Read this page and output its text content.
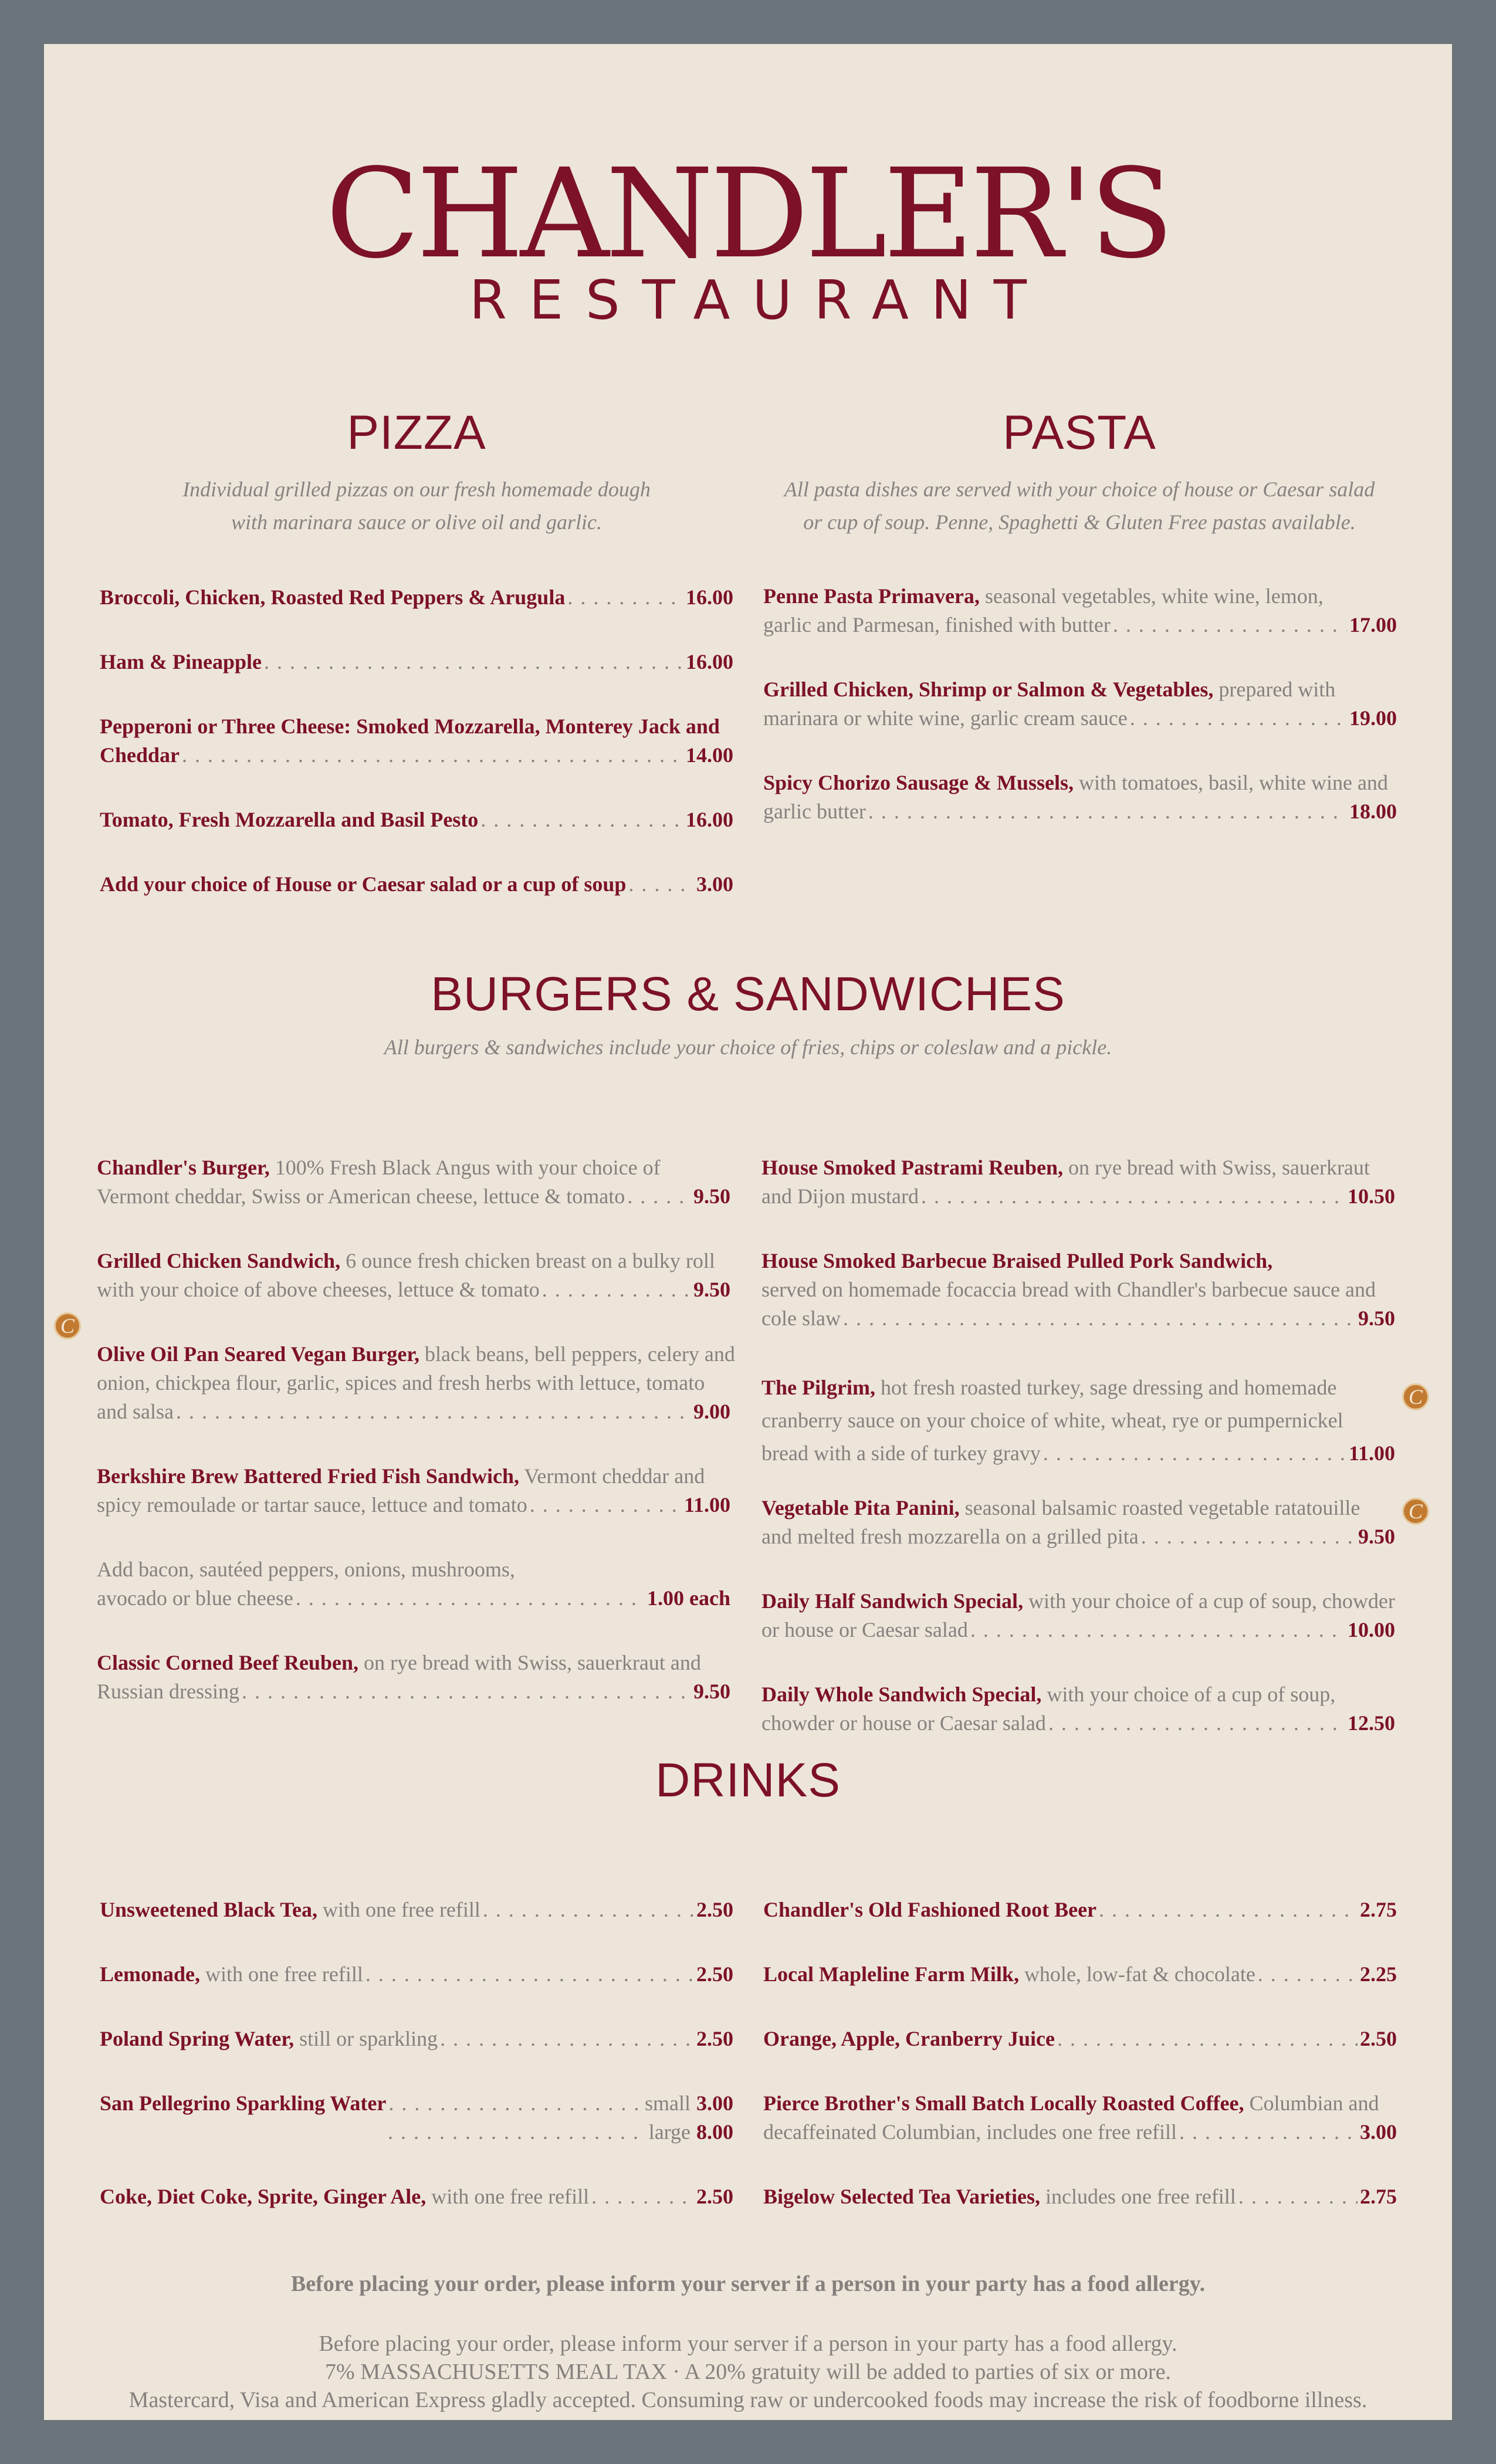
CHANDLER'S
RESTAURANT
PIZZA
Individual grilled pizzas on our fresh homemade dough
with marinara sauce or olive oil and garlic.
Broccoli, Chicken, Roasted Red Peppers & Arugula . . .	16.00
Ham & Pineapple . . .	16.00
Pepperoni or Three Cheese: Smoked Mozzarella, Monterey Jack and
Cheddar . . .	14.00
Tomato, Fresh Mozzarella and Basil Pesto . . .	16.00
Add your choice of House or Caesar salad or a cup of soup . . .	3.00
PASTA
All pasta dishes are served with your choice of house or Caesar salad
or cup of soup. Penne, Spaghetti & Gluten Free pastas available.
Penne Pasta Primavera, seasonal vegetables, white wine, lemon,
garlic and Parmesan, finished with butter . . .	17.00
Grilled Chicken, Shrimp or Salmon & Vegetables, prepared with
marinara or white wine, garlic cream sauce . . .	19.00
Spicy Chorizo Sausage & Mussels, with tomatoes, basil, white wine and
garlic butter . . .	18.00
BURGERS & SANDWICHES
All burgers & sandwiches include your choice of fries, chips or coleslaw and a pickle.
Chandler's Burger, 100% Fresh Black Angus with your choice of
Vermont cheddar, Swiss or American cheese, lettuce & tomato . . .	9.50
Grilled Chicken Sandwich, 6 ounce fresh chicken breast on a bulky roll
with your choice of above cheeses, lettuce & tomato . . .	9.50
C
Olive Oil Pan Seared Vegan Burger, black beans, bell peppers, celery and
onion, chickpea flour, garlic, spices and fresh herbs with lettuce, tomato
and salsa . . .	9.00
Berkshire Brew Battered Fried Fish Sandwich, Vermont cheddar and
spicy remoulade or tartar sauce, lettuce and tomato . . .	11.00
Add bacon, sautéed peppers, onions, mushrooms,
avocado or blue cheese . . .	1.00 each
Classic Corned Beef Reuben, on rye bread with Swiss, sauerkraut and
Russian dressing . . .	9.50
House Smoked Pastrami Reuben, on rye bread with Swiss, sauerkraut
and Dijon mustard . . .	10.50
House Smoked Barbecue Braised Pulled Pork Sandwich,
served on homemade focaccia bread with Chandler's barbecue sauce and
cole slaw . . .	9.50
The Pilgrim, hot fresh roasted turkey, sage dressing and homemade
cranberry sauce on your choice of white, wheat, rye or pumpernickel
bread with a side of turkey gravy . . .	11.00
C
Vegetable Pita Panini, seasonal balsamic roasted vegetable ratatouille
and melted fresh mozzarella on a grilled pita . . .	9.50
C
Daily Half Sandwich Special, with your choice of a cup of soup, chowder
or house or Caesar salad . . .	10.00
Daily Whole Sandwich Special, with your choice of a cup of soup,
chowder or house or Caesar salad . . .	12.50
DRINKS
Unsweetened Black Tea, with one free refill . . .	2.50
Lemonade, with one free refill . . .	2.50
Poland Spring Water, still or sparkling . . .	2.50
San Pellegrino Sparkling Water . . .	small 3.00
. . .
large 8.00
Coke, Diet Coke, Sprite, Ginger Ale, with one free refill . . .	2.50
Chandler's Old Fashioned Root Beer . . .	2.75
Local Mapleline Farm Milk, whole, low-fat & chocolate . . .	2.25
Orange, Apple, Cranberry Juice . . .	2.50
Pierce Brother's Small Batch Locally Roasted Coffee, Columbian and
decaffeinated Columbian, includes one free refill . . .	3.00
Bigelow Selected Tea Varieties, includes one free refill . . .	2.75
Before placing your order, please inform your server if a person in your party has a food allergy.
Before placing your order, please inform your server if a person in your party has a food allergy.
7% MASSACHUSETTS MEAL TAX · A 20% gratuity will be added to parties of six or more.
Mastercard, Visa and American Express gladly accepted. Consuming raw or undercooked foods may increase the risk of foodborne illness.
